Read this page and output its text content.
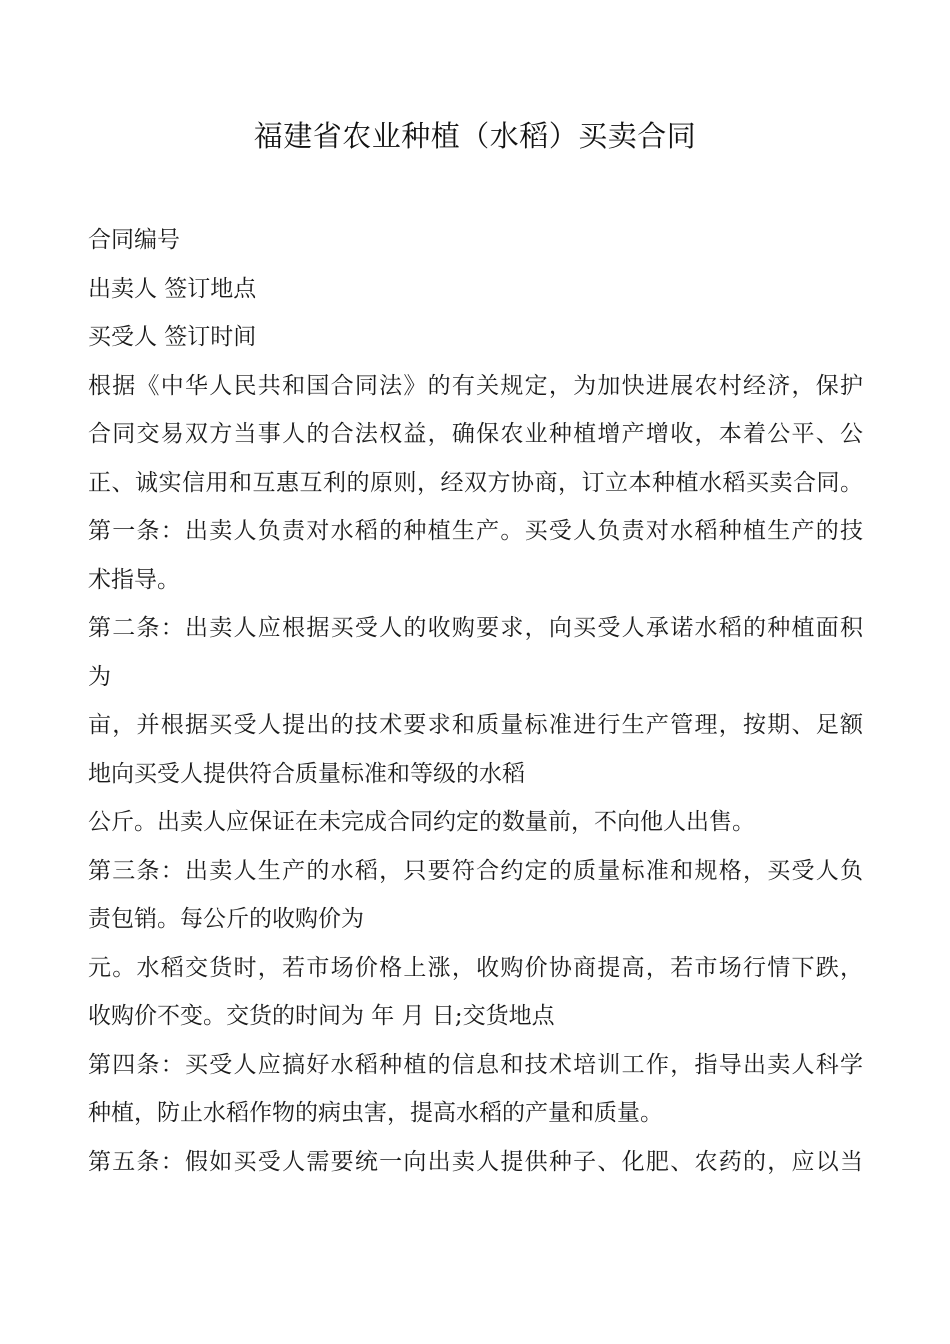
福建省农业种植（水稻）买卖合同
合同编号
出卖人 签订地点
买受人 签订时间
根据《中华人民共和国合同法》的有关规定，为加快进展农村经济，保护
合同交易双方当事人的合法权益，确保农业种植增产增收，本着公平、公
正、诚实信用和互惠互利的原则，经双方协商，订立本种植水稻买卖合同。
第一条：出卖人负责对水稻的种植生产。买受人负责对水稻种植生产的技
术指导。
第二条：出卖人应根据买受人的收购要求，向买受人承诺水稻的种植面积
为
亩，并根据买受人提出的技术要求和质量标准进行生产管理，按期、足额
地向买受人提供符合质量标准和等级的水稻
公斤。出卖人应保证在未完成合同约定的数量前，不向他人出售。
第三条：出卖人生产的水稻，只要符合约定的质量标准和规格，买受人负
责包销。每公斤的收购价为
元。水稻交货时，若市场价格上涨，收购价协商提高，若市场行情下跌，
收购价不变。交货的时间为 年 月 日;交货地点
第四条：买受人应搞好水稻种植的信息和技术培训工作，指导出卖人科学
种植，防止水稻作物的病虫害，提高水稻的产量和质量。
第五条：假如买受人需要统一向出卖人提供种子、化肥、农药的，应以当
